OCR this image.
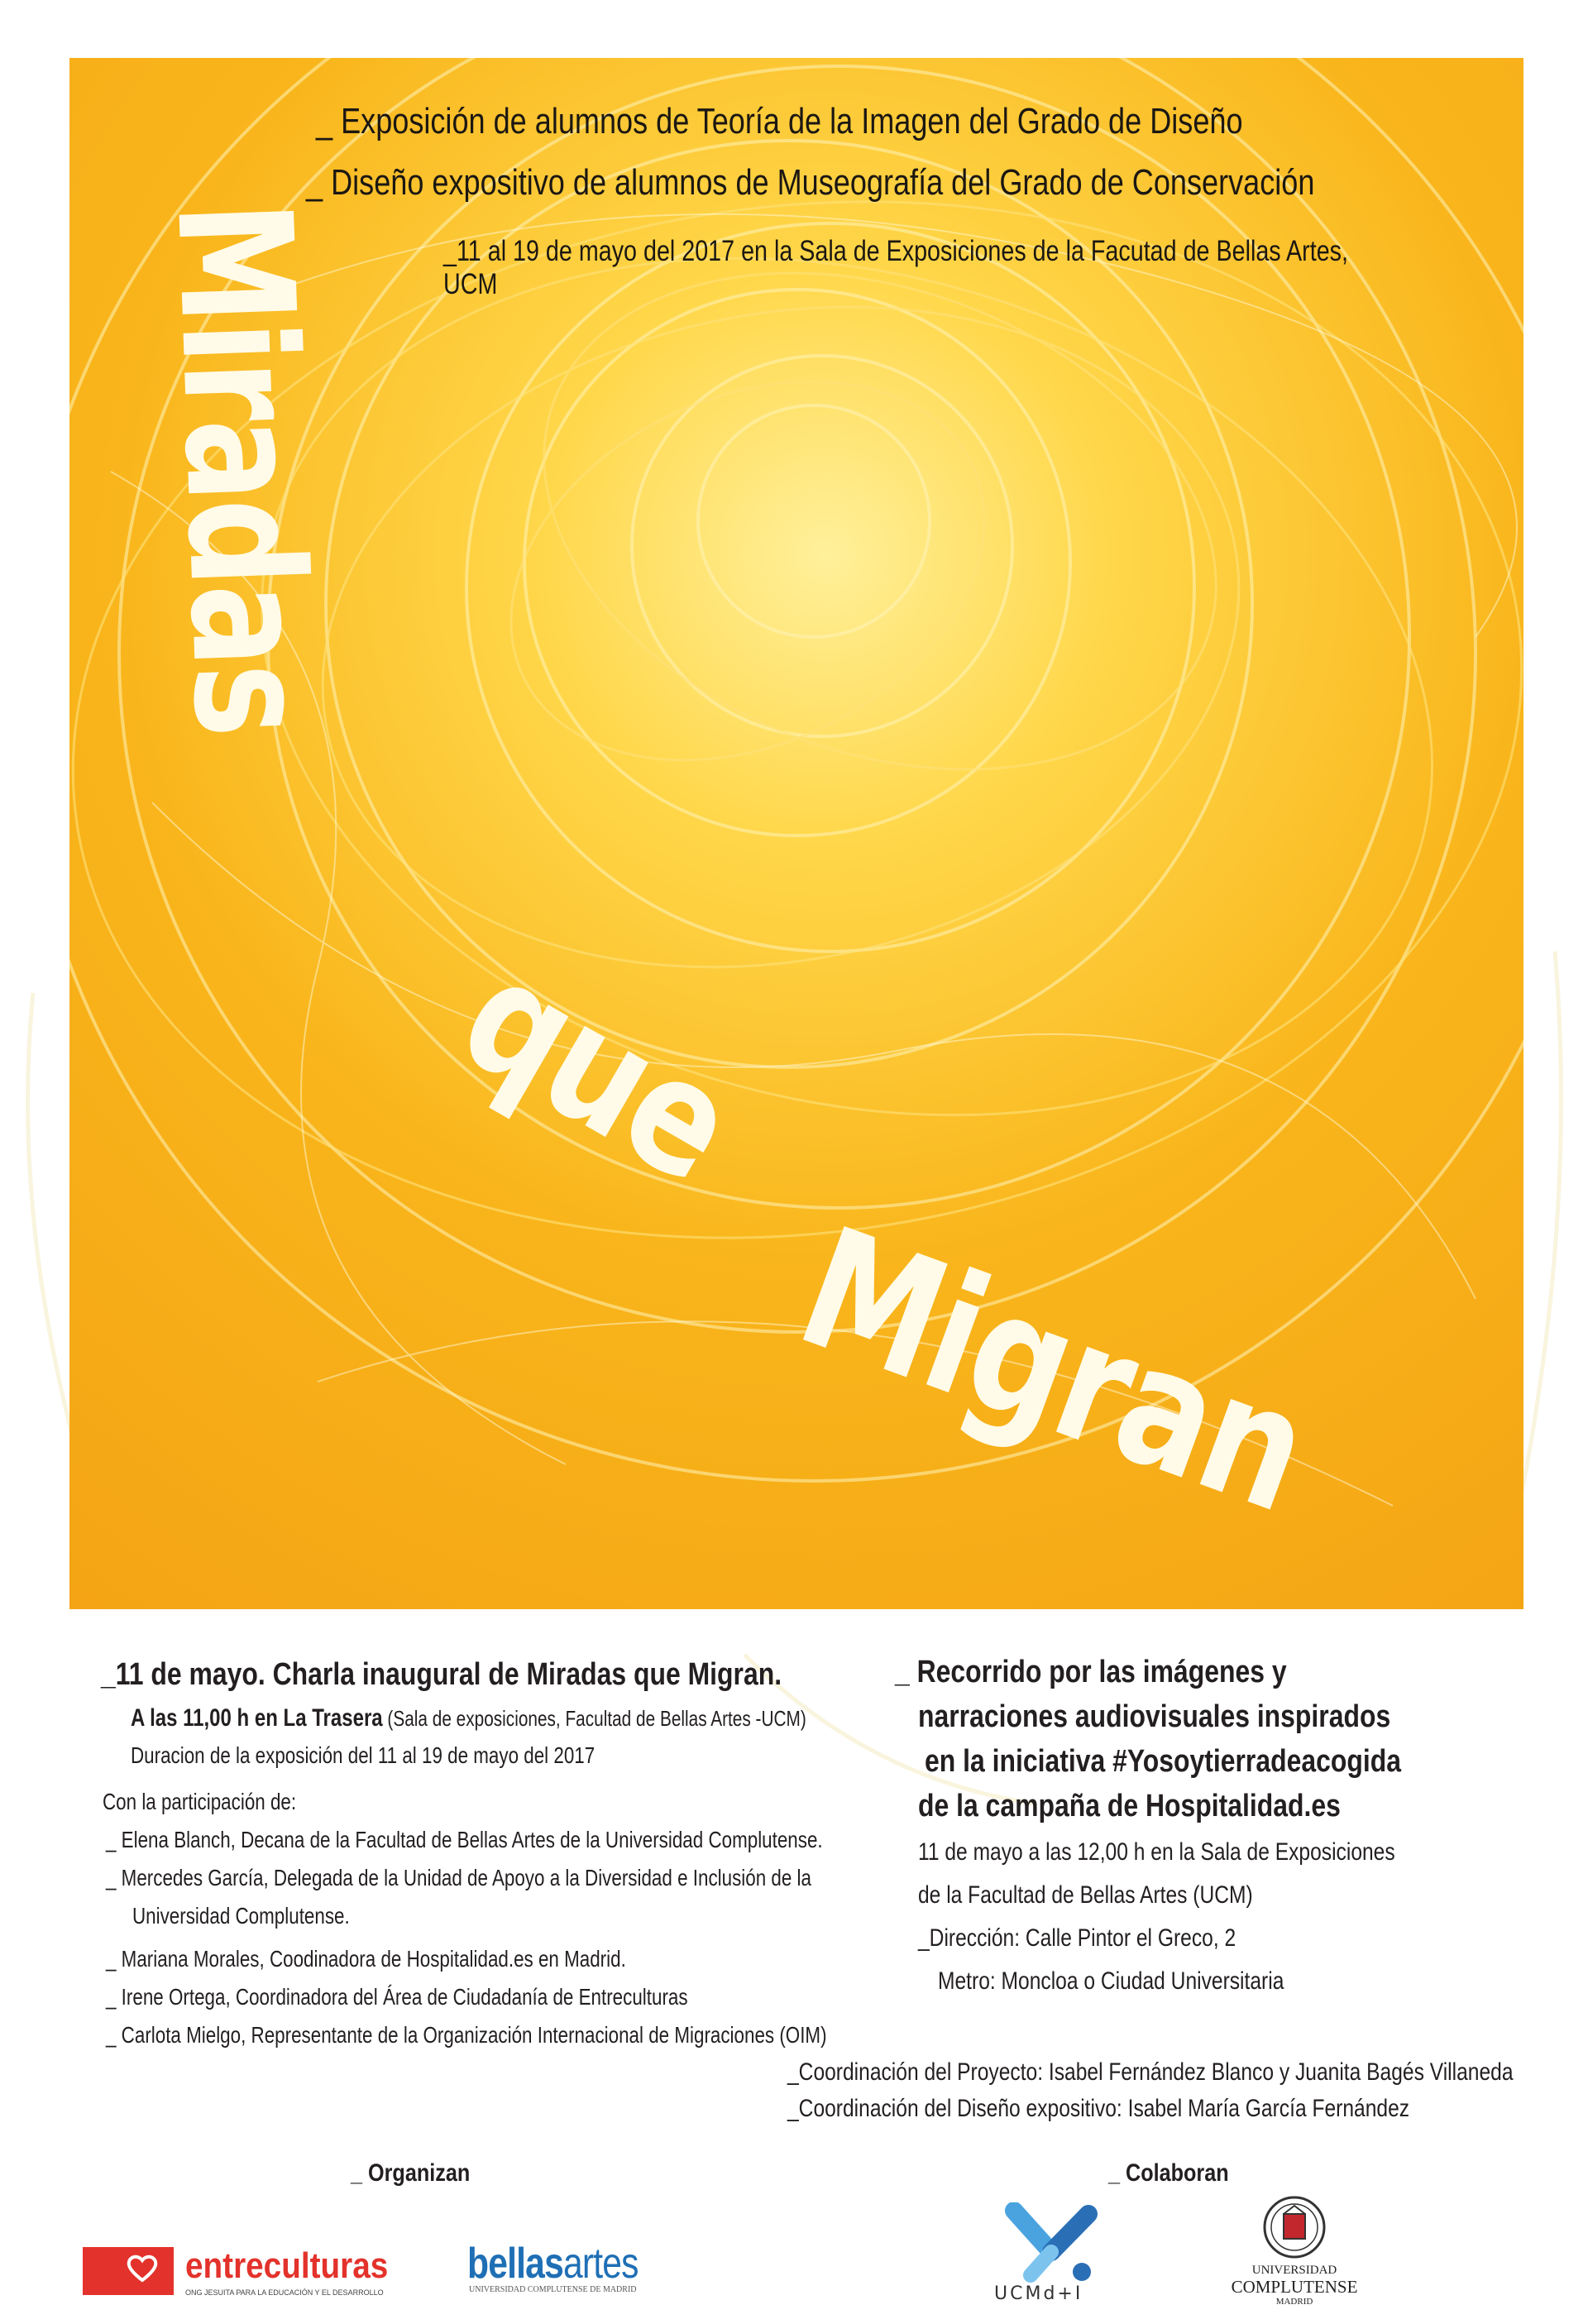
_ Exposición de alumnos de Teoría de la Imagen del Grado de Diseño
_ Diseño expositivo de alumnos de Museografía del Grado de Conservación
_11 al 19 de mayo del 2017 en la Sala de Exposiciones de la Facutad de Bellas Artes, UCM
Miradas
que
Migran
_11 de mayo. Charla inaugural de Miradas que Migran.
A las 11,00 h en La Trasera (Sala de exposiciones, Facultad de Bellas Artes -UCM)
Duracion de la exposición del 11 al 19 de mayo del 2017
Con la participación de:
_ Elena Blanch, Decana de la Facultad de Bellas Artes de la Universidad Complutense.
_ Mercedes García, Delegada de la Unidad de Apoyo a la Diversidad e Inclusión de la
Universidad Complutense.
_ Mariana Morales, Coodinadora de Hospitalidad.es en Madrid.
_ Irene Ortega, Coordinadora del Área de Ciudadanía de Entreculturas
_ Carlota Mielgo, Representante de la Organización Internacional de Migraciones (OIM)
_ Recorrido por las imágenes y
narraciones audiovisuales inspirados
en la iniciativa #Yosoytierradeacogida
de la campaña de Hospitalidad.es
11 de mayo a las 12,00 h en la Sala de Exposiciones
de la Facultad de Bellas Artes (UCM)
_Dirección: Calle Pintor el Greco, 2
Metro: Moncloa o Ciudad Universitaria
_Coordinación del Proyecto: Isabel Fernández Blanco y Juanita Bagés Villaneda
_Coordinación del Diseño expositivo: Isabel María García Fernández
_ Organizan	_ Colaboran
entreculturas
ONG JESUITA PARA LA EDUCACIÓN Y EL DESARROLLO
bellasartes
UNIVERSIDAD COMPLUTENSE DE MADRID	UCMd+I
UNIVERSIDAD
COMPLUTENSE
MADRID
